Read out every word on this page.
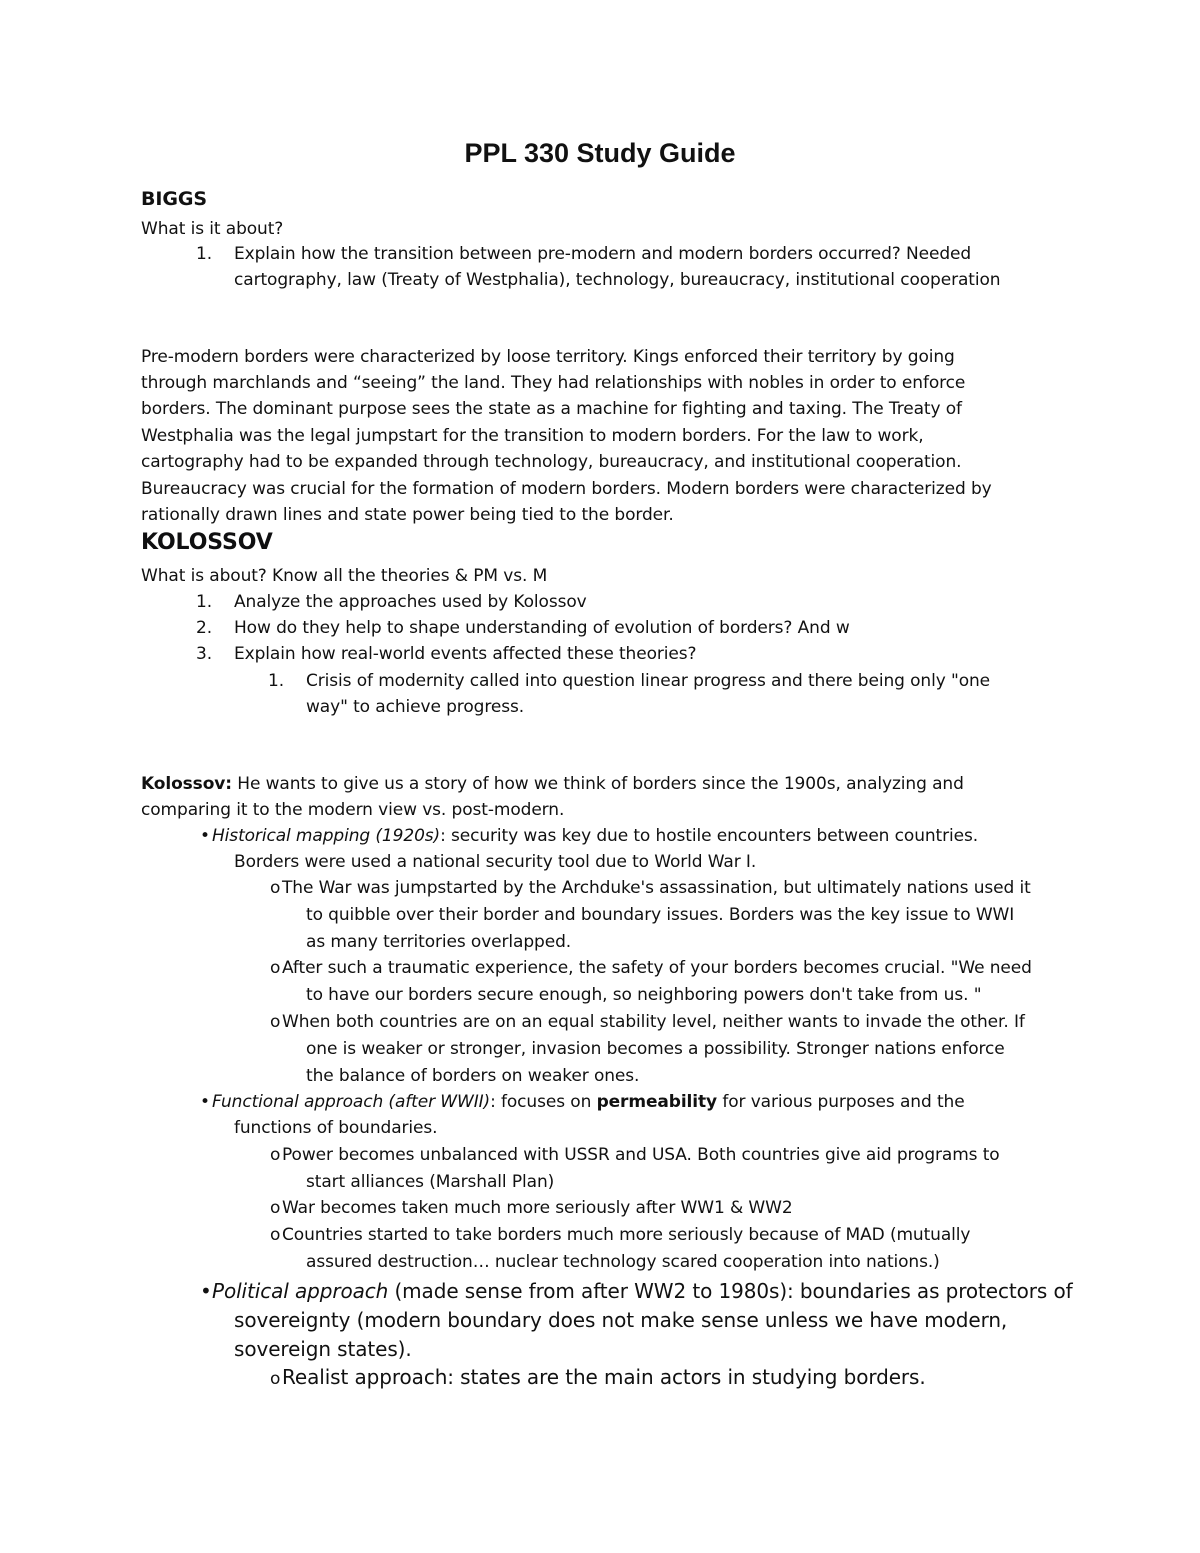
PPL 330 Study Guide
BIGGS
What is it about?
1. Explain how the transition between pre-modern and modern borders occurred? Needed
cartography, law (Treaty of Westphalia), technology, bureaucracy, institutional cooperation
Pre-modern borders were characterized by loose territory. Kings enforced their territory by going
through marchlands and “seeing” the land. They had relationships with nobles in order to enforce
borders. The dominant purpose sees the state as a machine for fighting and taxing. The Treaty of
Westphalia was the legal jumpstart for the transition to modern borders. For the law to work,
cartography had to be expanded through technology, bureaucracy, and institutional cooperation.
Bureaucracy was crucial for the formation of modern borders. Modern borders were characterized by
rationally drawn lines and state power being tied to the border.
KOLOSSOV
What is about? Know all the theories & PM vs. M
1. Analyze the approaches used by Kolossov
2. How do they help to shape understanding of evolution of borders? And w
3. Explain how real-world events affected these theories?
1. Crisis of modernity called into question linear progress and there being only "one
way" to achieve progress.
Kolossov: He wants to give us a story of how we think of borders since the 1900s, analyzing and
comparing it to the modern view vs. post-modern.
• Historical mapping (1920s): security was key due to hostile encounters between countries.
Borders were used a national security tool due to World War I.
o The War was jumpstarted by the Archduke's assassination, but ultimately nations used it
to quibble over their border and boundary issues. Borders was the key issue to WWI
as many territories overlapped.
o After such a traumatic experience, the safety of your borders becomes crucial. "We need
to have our borders secure enough, so neighboring powers don't take from us. "
o When both countries are on an equal stability level, neither wants to invade the other. If
one is weaker or stronger, invasion becomes a possibility. Stronger nations enforce
the balance of borders on weaker ones.
• Functional approach (after WWII): focuses on permeability for various purposes and the
functions of boundaries.
o Power becomes unbalanced with USSR and USA. Both countries give aid programs to
start alliances (Marshall Plan)
o War becomes taken much more seriously after WW1 & WW2
o Countries started to take borders much more seriously because of MAD (mutually
assured destruction… nuclear technology scared cooperation into nations.)
• Political approach (made sense from after WW2 to 1980s): boundaries as protectors of
sovereignty (modern boundary does not make sense unless we have modern,
sovereign states).
o Realist approach: states are the main actors in studying borders.
